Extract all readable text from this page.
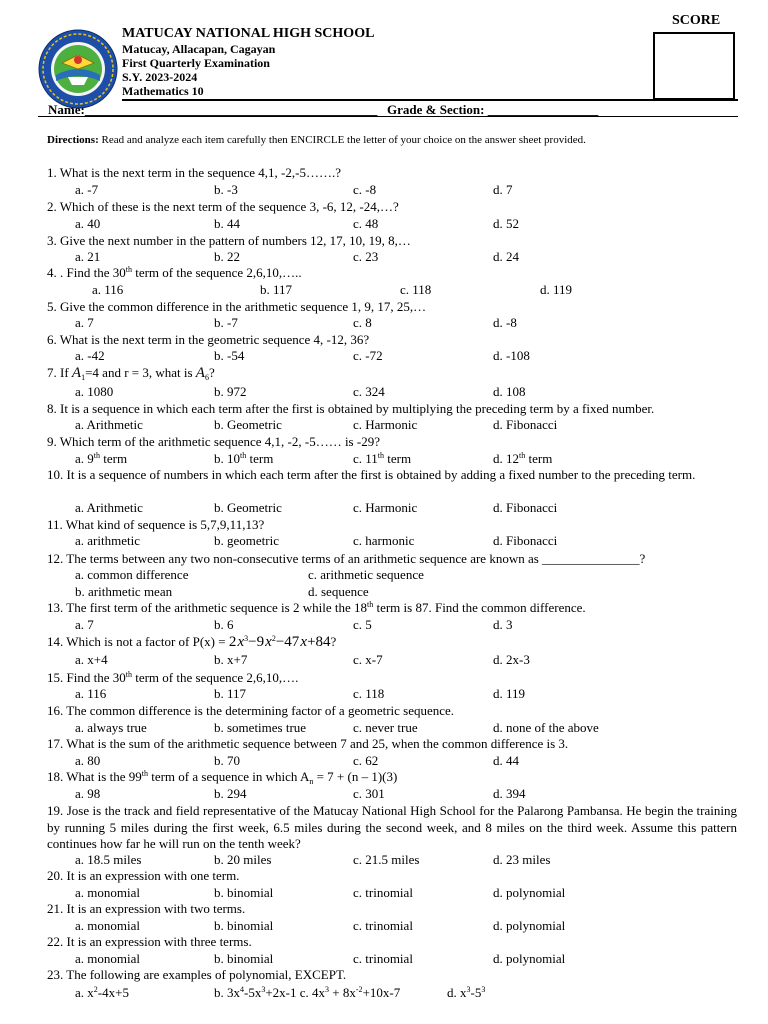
MATUCAY NATIONAL HIGH SCHOOL
Matucay, Allacapan, Cagayan
First Quarterly Examination
S.Y. 2023-2024
Mathematics 10
SCORE
Name:_____________________________________________ Grade & Section: _________________
Directions: Read and analyze each item carefully then ENCIRCLE the letter of your choice on the answer sheet provided.
1. What is the next term in the sequence 4,1, -2,-5…….?
a. -7	b. -3	c. -8	d. 7
2. Which of these is the next term of the sequence 3, -6, 12, -24,…?
a. 40	b. 44	c. 48	d. 52
3. Give the next number in the pattern of numbers 12, 17, 10, 19, 8,…
a. 21	b. 22	c. 23	d. 24
4. . Find the 30th term of the sequence 2,6,10,…..
a. 116	b. 117	c. 118	d. 119
5. Give the common difference in the arithmetic sequence 1, 9, 17, 25,…
a. 7	b. -7	c. 8	d. -8
6. What is the next term in the geometric sequence 4, -12, 36?
a. -42	b. -54	c. -72	d. -108
7. If $A_1=4$ and r = 3, what is $A_6$?
a. 1080	b. 972	c. 324	d. 108
8. It is a sequence in which each term after the first is obtained by multiplying the preceding term by a fixed number.
a. Arithmetic	b. Geometric	c. Harmonic	d. Fibonacci
9. Which term of the arithmetic sequence 4,1, -2, -5…… is -29?
a. 9th term	b. 10th term	c. 11th term	d. 12th term
10. It is a sequence of numbers in which each term after the first is obtained by adding a fixed number to the preceding term.
a. Arithmetic	b. Geometric	c. Harmonic	d. Fibonacci
11. What kind of sequence is 5,7,9,11,13?
a. arithmetic	b. geometric	c. harmonic	d. Fibonacci
12. The terms between any two non-consecutive terms of an arithmetic sequence are known as _______________?
a. common difference	c. arithmetic sequence
b. arithmetic mean	d. sequence
13. The first term of the arithmetic sequence is 2 while the 18th term is 87. Find the common difference.
a. 7	b. 6	c. 5	d. 3
14. Which is not a factor of P(x) = 2 $x^3-9$ $x^2-47$ x+84?
a. x+4	b. x+7	c. x-7	d. 2x-3
15. Find the 30th term of the sequence 2,6,10,….
a. 116	b. 117	c. 118	d. 119
16. The common difference is the determining factor of a geometric sequence.
a. always true	b. sometimes true	c. never true	d. none of the above
17. What is the sum of the arithmetic sequence between 7 and 25, when the common difference is 3.
a. 80	b. 70	c. 62	d. 44
18. What is the 99th term of a sequence in which $A_n = 7 + (n - 1)(3)$
a. 98	b. 294	c. 301	d. 394
19. Jose is the track and field representative of the Matucay National High School for the Palarong Pambansa. He begin the training by running 5 miles during the first week, 6.5 miles during the second week, and 8 miles on the third week. Assume this pattern continues how far he will run on the tenth week?
a. 18.5 miles	b. 20 miles	c. 21.5 miles	d. 23 miles
20. It is an expression with one term.
a. monomial	b. binomial	c. trinomial	d. polynomial
21. It is an expression with two terms.
a. monomial	b. binomial	c. trinomial	d. polynomial
22. It is an expression with three terms.
a. monomial	b. binomial	c. trinomial	d. polynomial
23. The following are examples of polynomial, EXCEPT.
a. $x^2-4x+5$	b. $3x^4-5x^3+2x-1$ c. $4x^3 + 8x^{-2}+10x-7$	d. $x^3-5^3$
